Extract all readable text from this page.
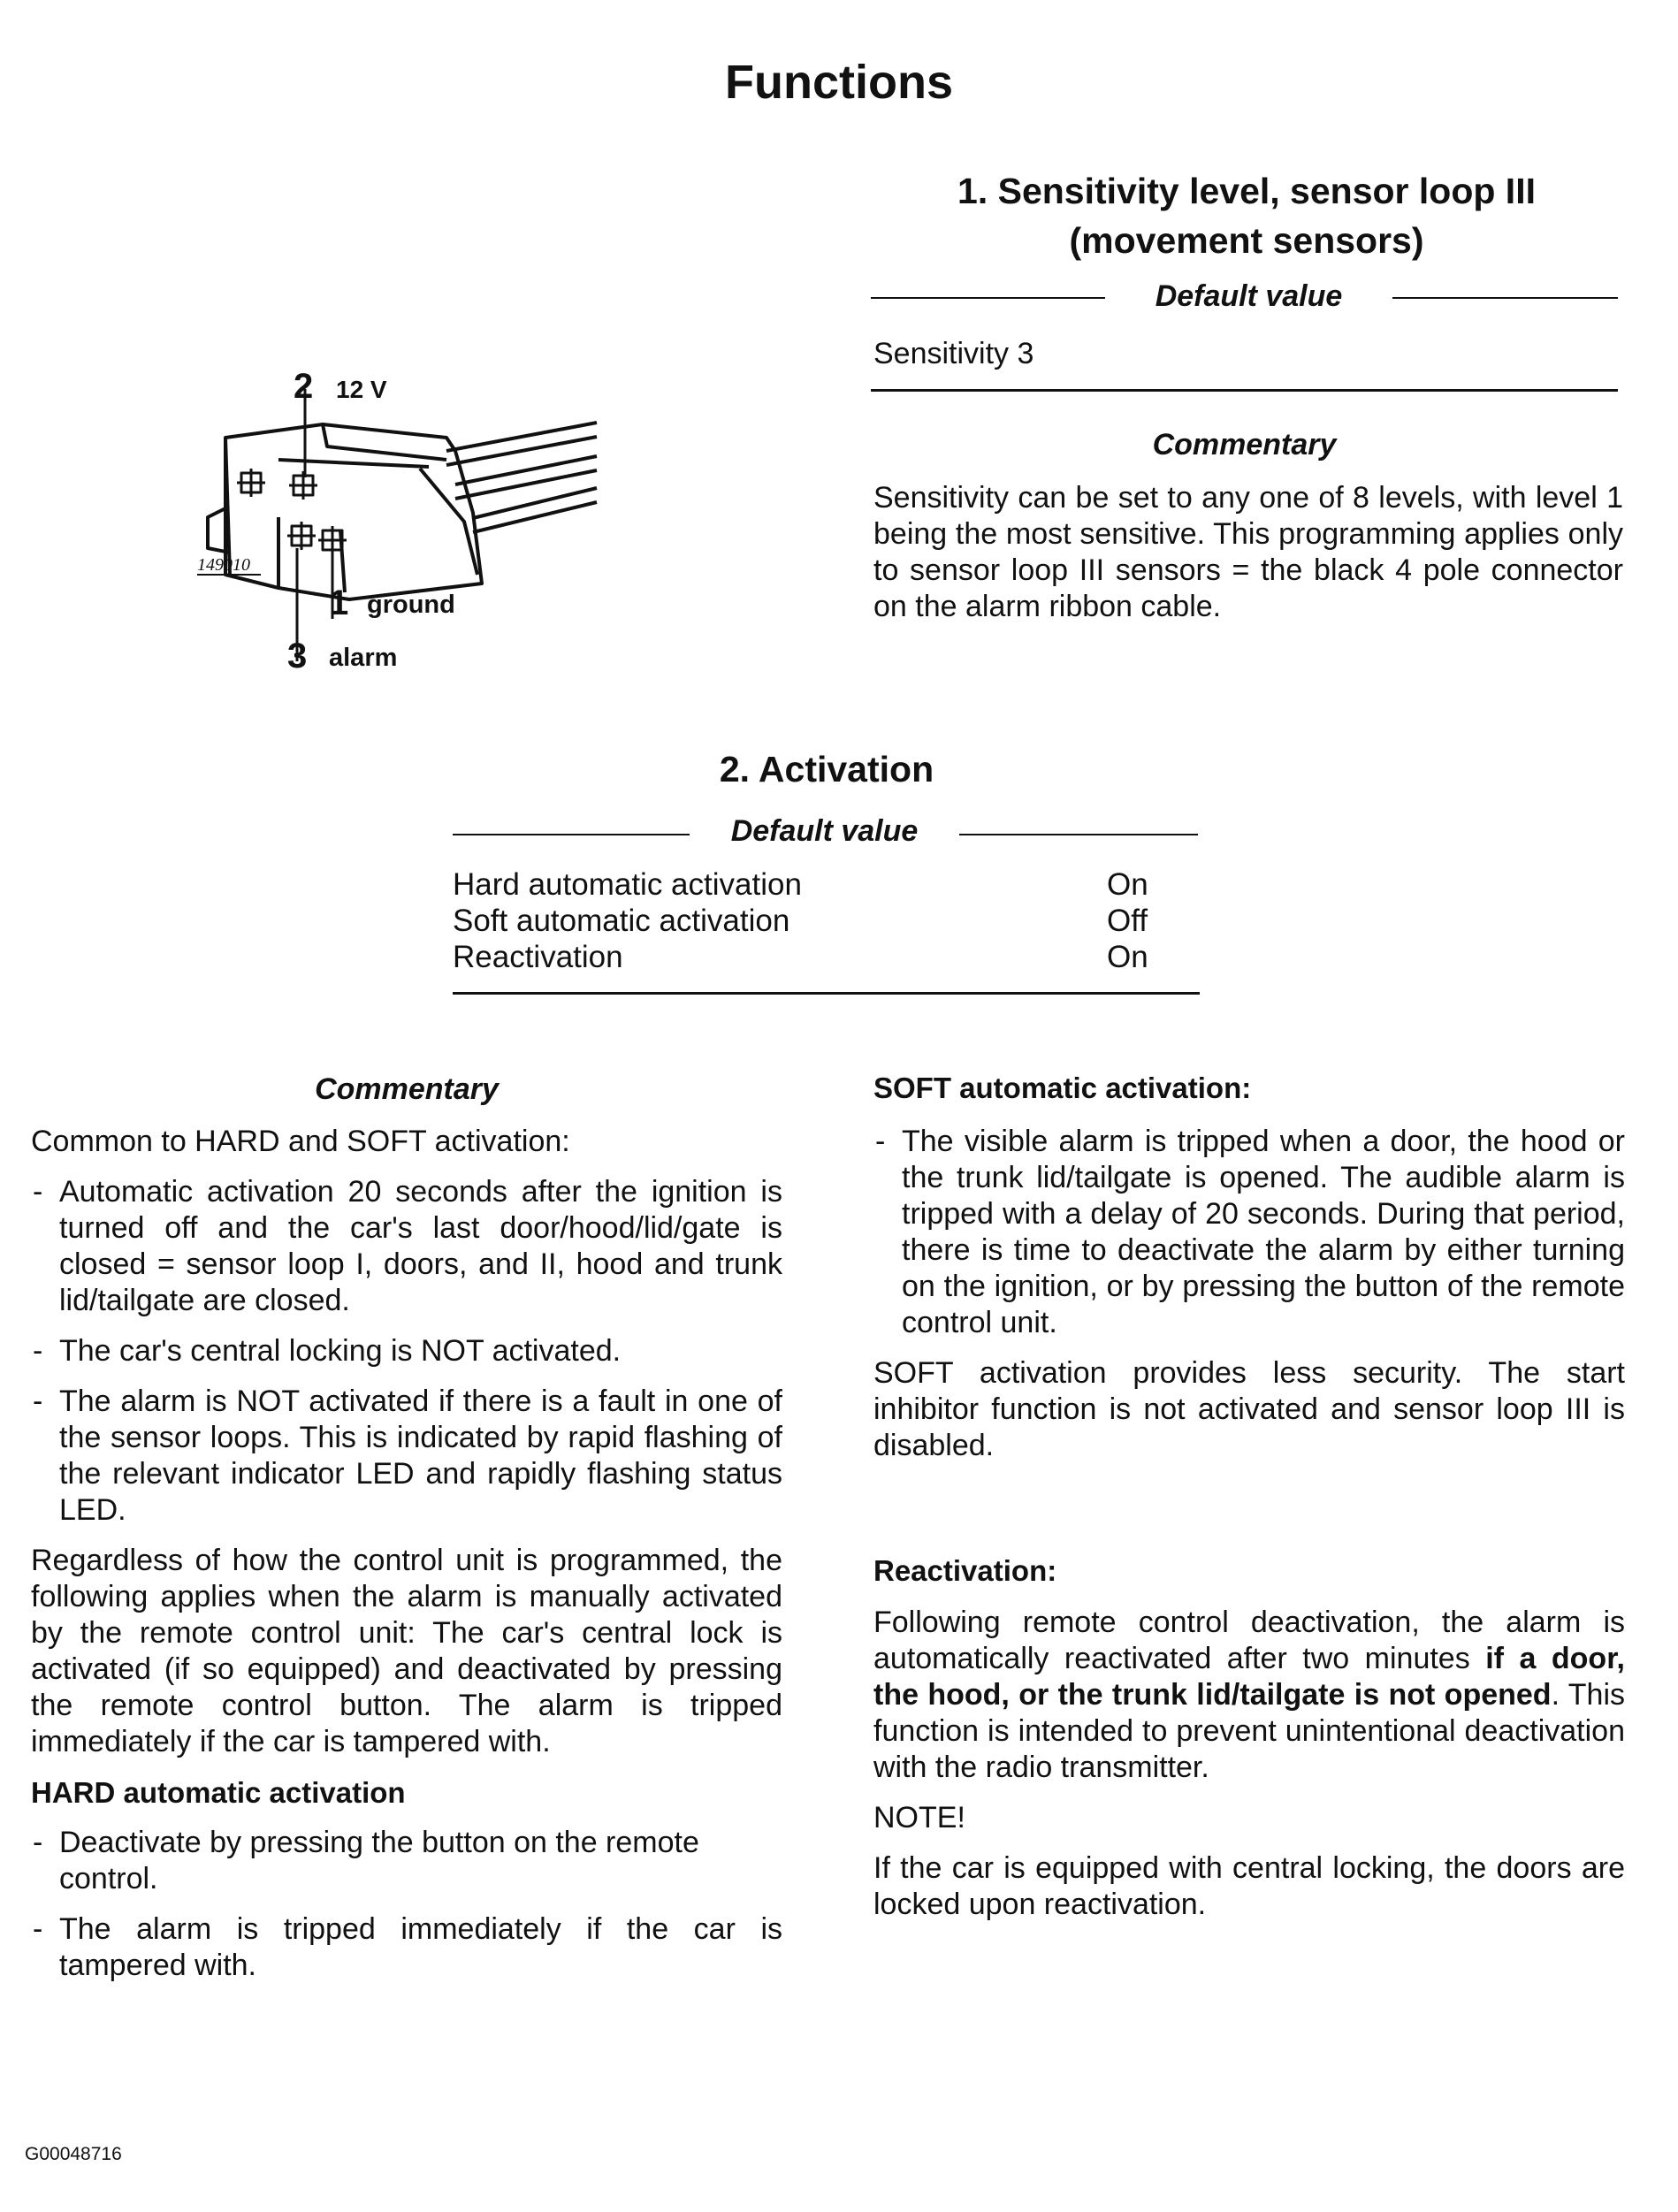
Functions
1. Sensitivity level, sensor loop III
(movement sensors)
Default value
Sensitivity 3
Commentary
Sensitivity can be set to any one of 8 levels, with level 1 being the most sensitive. This programming applies only to sensor loop III sensors = the black 4 pole connector on the alarm ribbon cable.
149010
2 12 V
1 ground
3 alarm
2. Activation
Default value
Hard automatic activation	On
Soft automatic activation	Off
Reactivation	On
Commentary

Common to HARD and SOFT activation:

- Automatic activation 20 seconds after the ignition is turned off and the car's last door/hood/lid/gate is closed = sensor loop I, doors, and II, hood and trunk lid/tailgate are closed.
- The car's central locking is NOT activated.
- The alarm is NOT activated if there is a fault in one of the sensor loops. This is indicated by rapid flashing of the relevant indicator LED and rapidly flashing status LED.

Regardless of how the control unit is programmed, the following applies when the alarm is manually activated by the remote control unit: The car's central lock is activated (if so equipped) and deactivated by pressing the remote control button. The alarm is tripped immediately if the car is tampered with.

HARD automatic activation
- Deactivate by pressing the button on the remote control.
- The alarm is tripped immediately if the car is tampered with.
SOFT automatic activation:
- The visible alarm is tripped when a door, the hood or the trunk lid/tailgate is opened. The audible alarm is tripped with a delay of 20 seconds. During that period, there is time to deactivate the alarm by either turning on the ignition, or by pressing the button of the remote control unit.

SOFT activation provides less security. The start inhibitor function is not activated and sensor loop III is disabled.

Reactivation:

Following remote control deactivation, the alarm is automatically reactivated after two minutes if a door, the hood, or the trunk lid/tailgate is not opened. This function is intended to prevent unintentional deactivation with the radio transmitter.

NOTE!

If the car is equipped with central locking, the doors are locked upon reactivation.

G00048716
